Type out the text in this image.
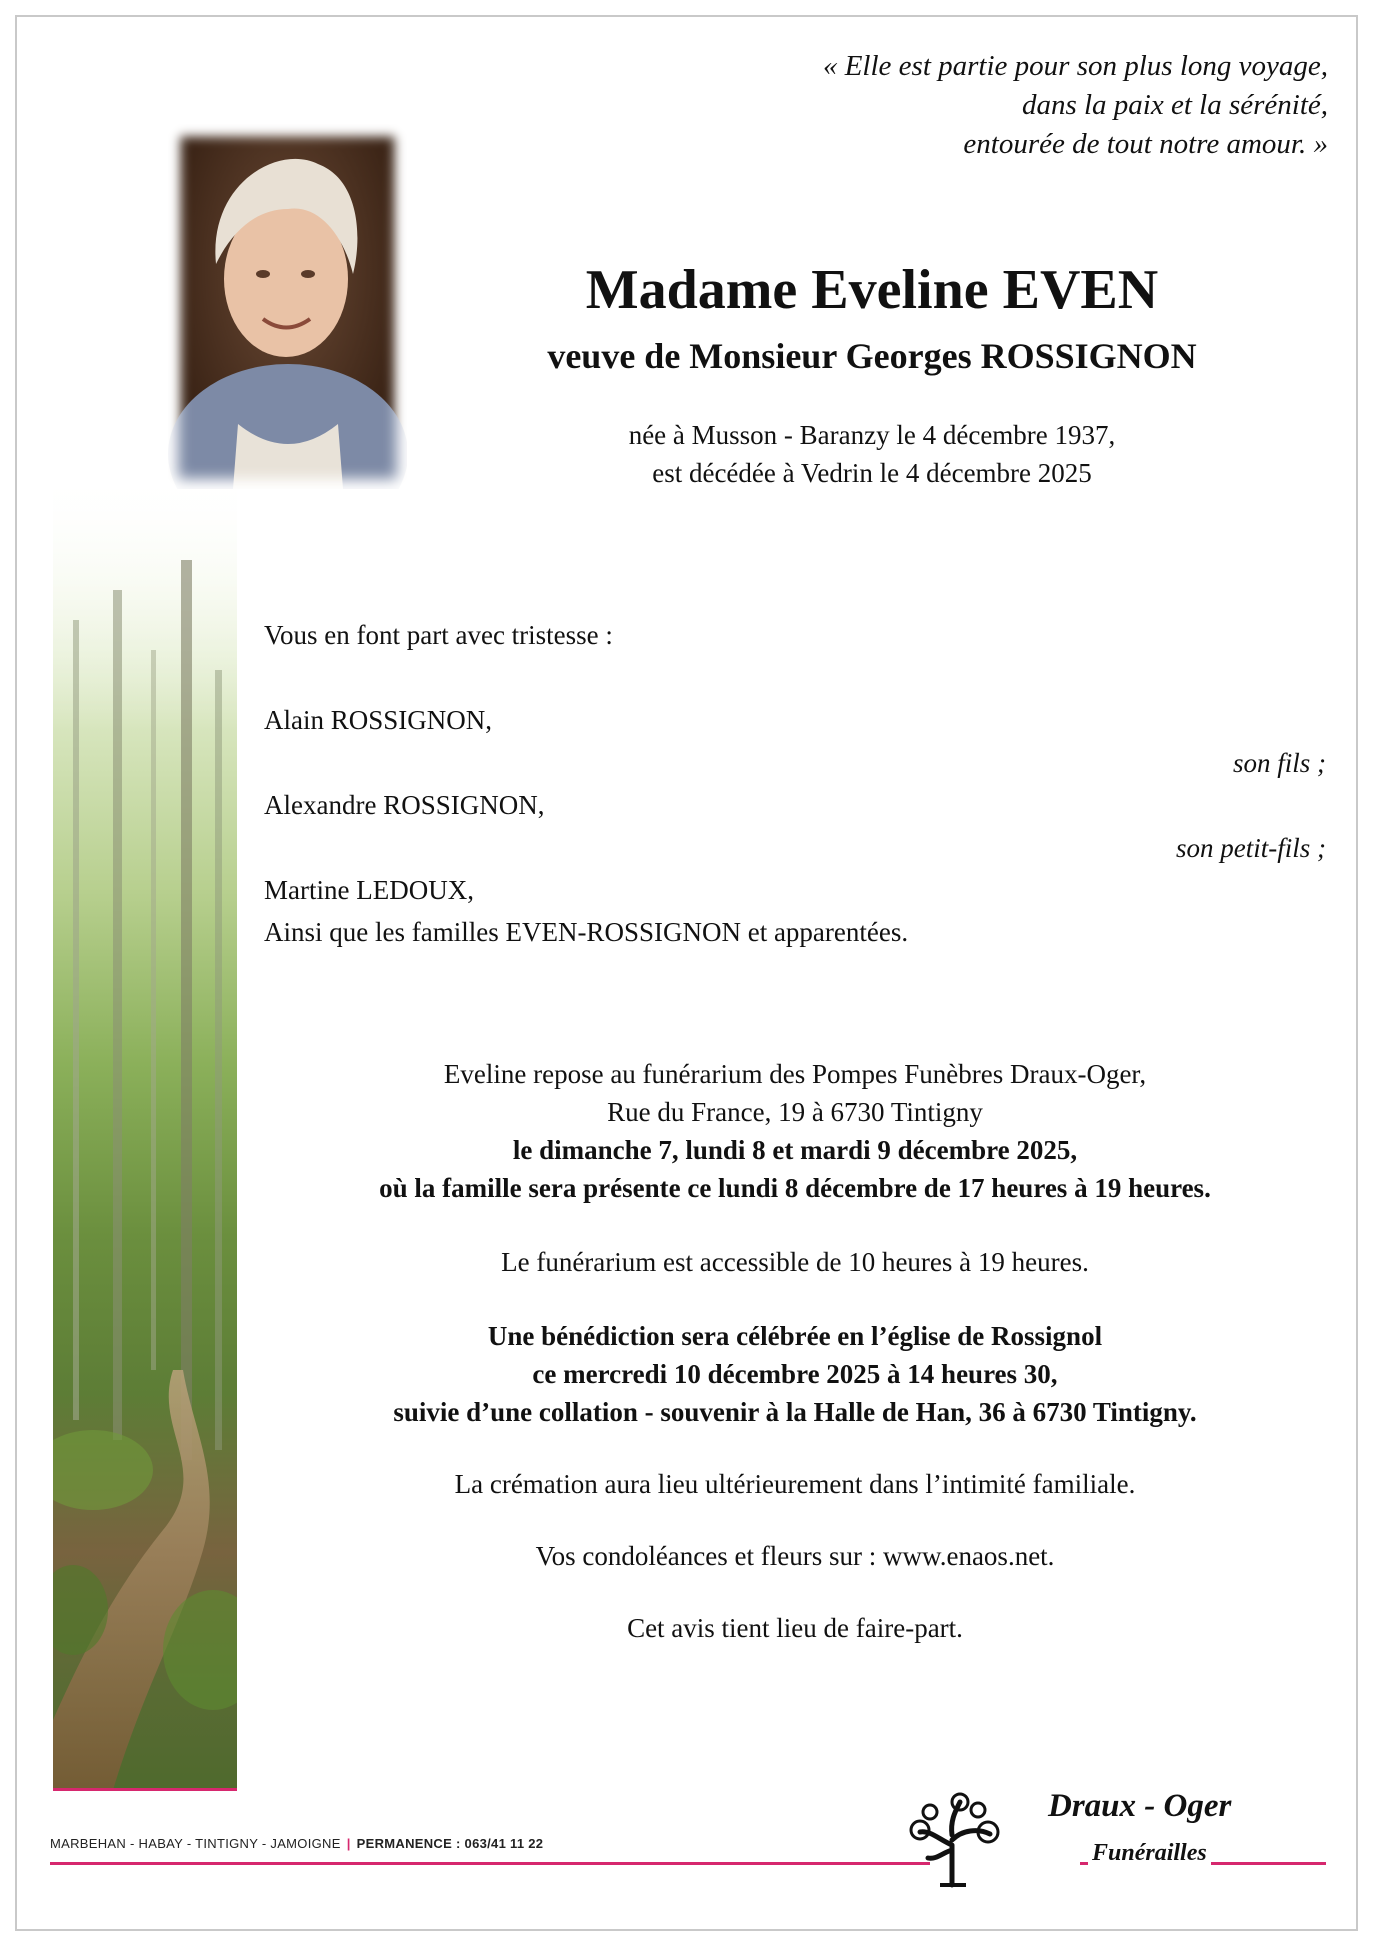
« Elle est partie pour son plus long voyage,
dans la paix et la sérénité,
entourée de tout notre amour. »
Madame Eveline EVEN
veuve de Monsieur Georges ROSSIGNON
née à Musson - Baranzy le 4 décembre 1937,
est décédée à Vedrin le 4 décembre 2025
Vous en font part avec tristesse :
Alain ROSSIGNON,
son fils ;
Alexandre ROSSIGNON,
son petit-fils ;
Martine LEDOUX,
Ainsi que les familles EVEN-ROSSIGNON et apparentées.
Eveline repose au funérarium des Pompes Funèbres Draux-Oger,
Rue du France, 19 à 6730 Tintigny
le dimanche 7, lundi 8 et mardi 9 décembre 2025,
où la famille sera présente ce lundi 8 décembre de 17 heures à 19 heures.
Le funérarium est accessible de 10 heures à 19 heures.
Une bénédiction sera célébrée en l’église de Rossignol
ce mercredi 10 décembre 2025 à 14 heures 30,
suivie d’une collation - souvenir à la Halle de Han, 36 à 6730 Tintigny.
La crémation aura lieu ultérieurement dans l’intimité familiale.
Vos condoléances et fleurs sur : www.enaos.net.
Cet avis tient lieu de faire-part.
MARBEHAN - HABAY - TINTIGNY - JAMOIGNE | PERMANENCE : 063/41 11 22
Draux - Oger
Funérailles
